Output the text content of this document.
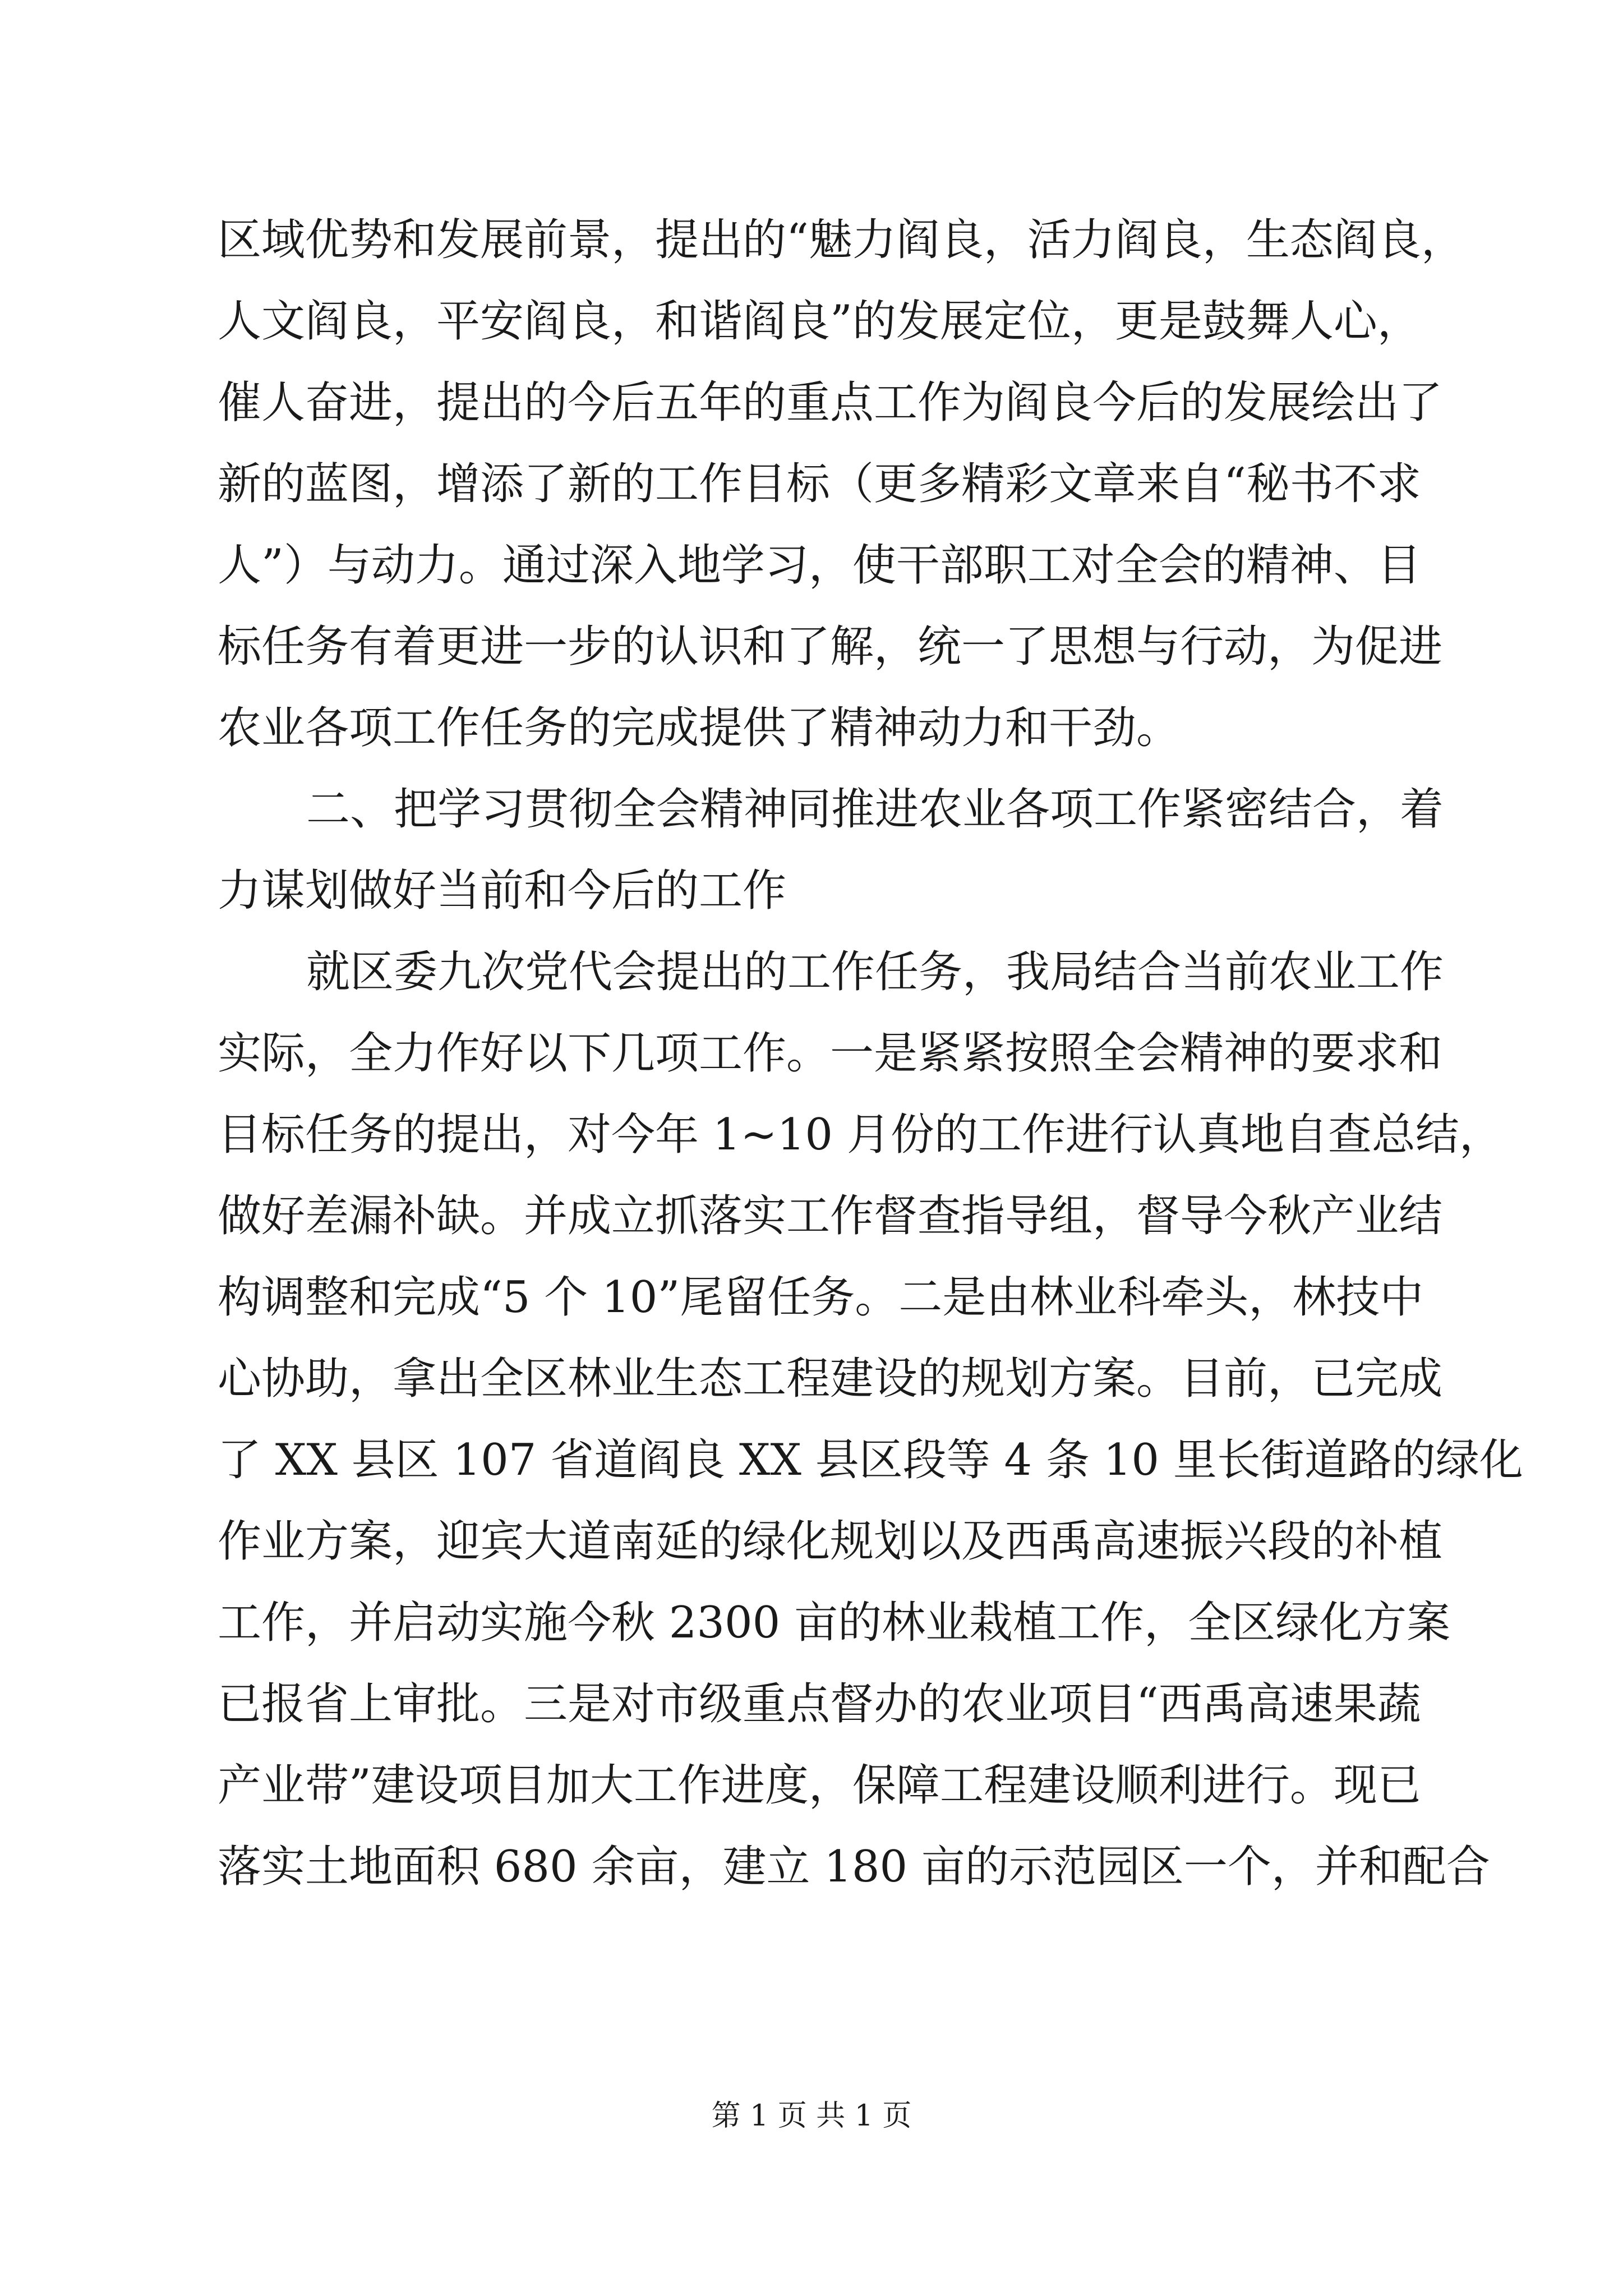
区域优势和发展前景，提出的“魅力阎良，活力阎良，生态阎良，
人文阎良，平安阎良，和谐阎良”的发展定位，更是鼓舞人心，
催人奋进，提出的今后五年的重点工作为阎良今后的发展绘出了
新的蓝图，增添了新的工作目标（更多精彩文章来自“秘书不求
人”）与动力。通过深入地学习，使干部职工对全会的精神、目
标任务有着更进一步的认识和了解，统一了思想与行动，为促进
农业各项工作任务的完成提供了精神动力和干劲。
二、把学习贯彻全会精神同推进农业各项工作紧密结合，着
力谋划做好当前和今后的工作
就区委九次党代会提出的工作任务，我局结合当前农业工作
实际，全力作好以下几项工作。一是紧紧按照全会精神的要求和
目标任务的提出，对今年 1~10 月份的工作进行认真地自查总结，
做好差漏补缺。并成立抓落实工作督查指导组，督导今秋产业结
构调整和完成“5 个 10”尾留任务。二是由林业科牵头，林技中
心协助，拿出全区林业生态工程建设的规划方案。目前，已完成
了 XX 县区 107 省道阎良 XX 县区段等 4 条 10 里长街道路的绿化
作业方案，迎宾大道南延的绿化规划以及西禹高速振兴段的补植
工作，并启动实施今秋 2300 亩的林业栽植工作，全区绿化方案
已报省上审批。三是对市级重点督办的农业项目“西禹高速果蔬
产业带”建设项目加大工作进度，保障工程建设顺利进行。现已
落实土地面积 680 余亩，建立 180 亩的示范园区一个，并和配合
第 1 页 共 1 页
